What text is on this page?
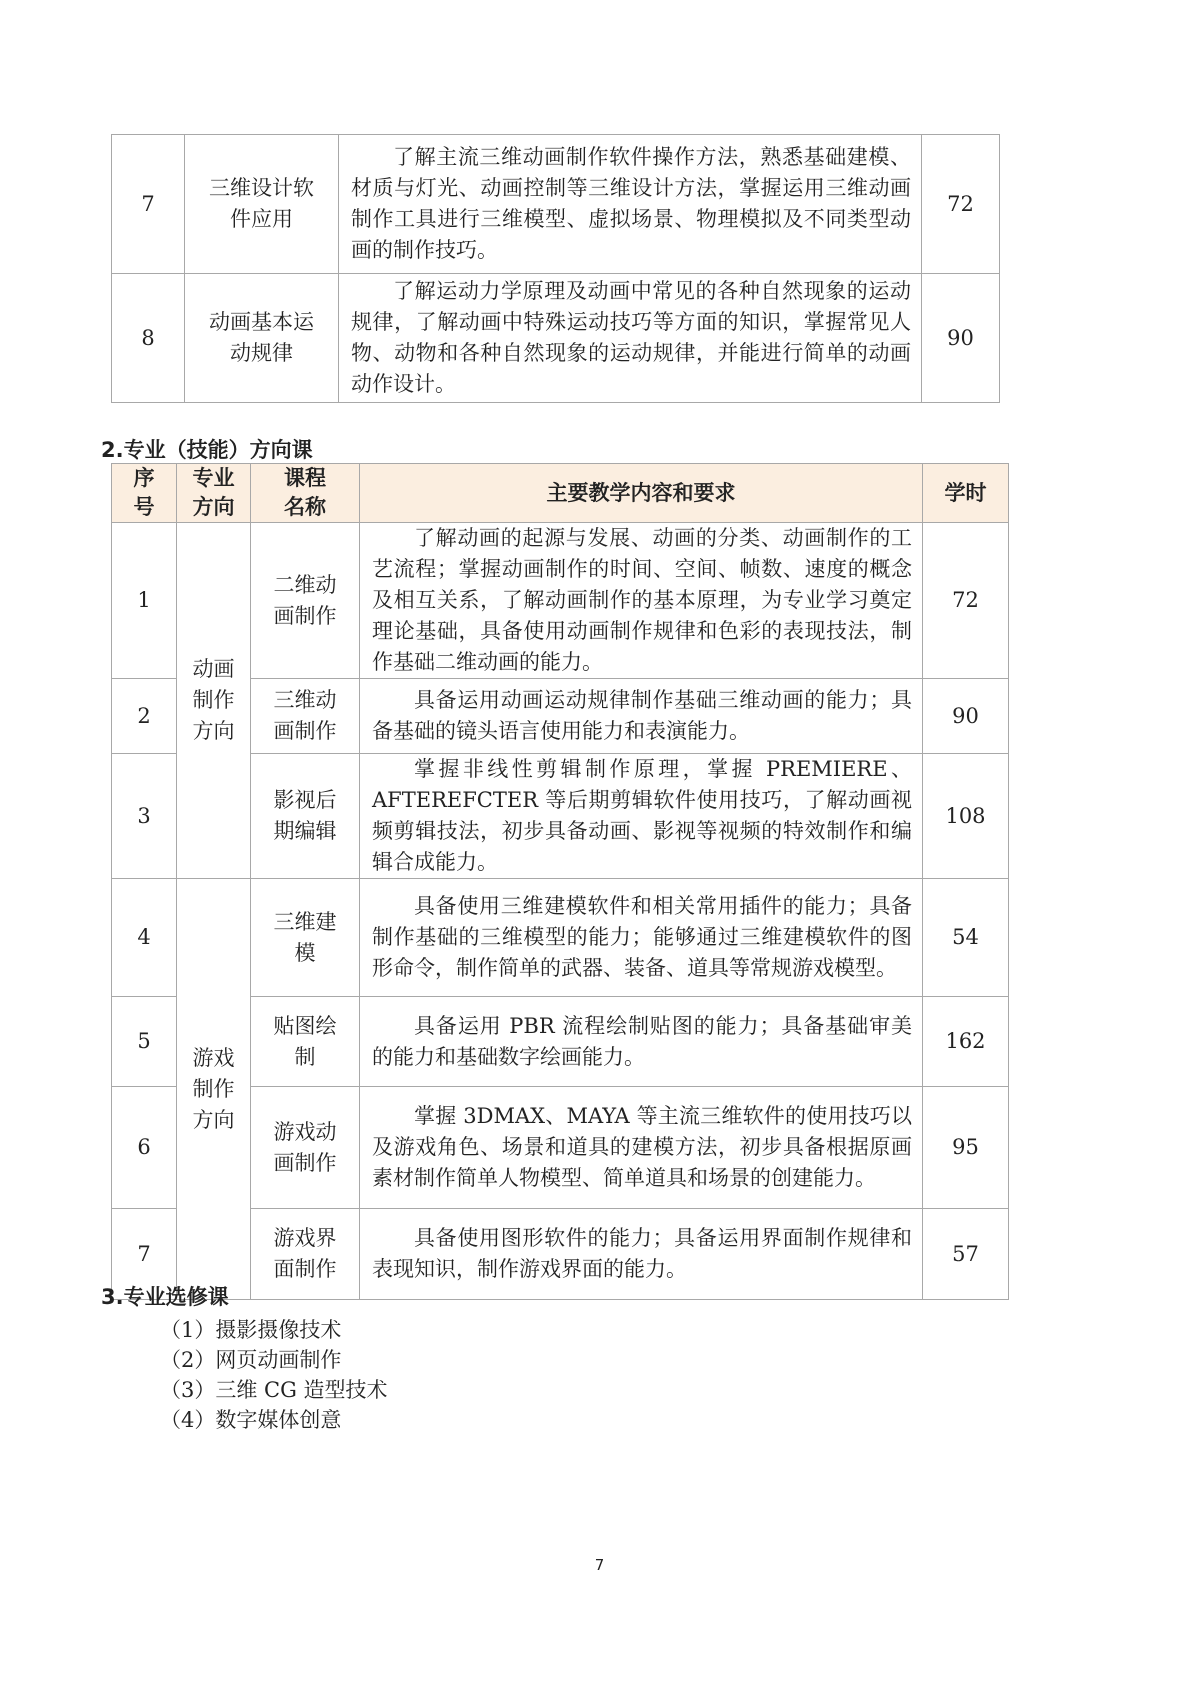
7	三维设计软件应用	了解主流三维动画制作软件操作方法，熟悉基础建模、材质与灯光、动画控制等三维设计方法，掌握运用三维动画制作工具进行三维模型、虚拟场景、物理模拟及不同类型动画的制作技巧。	72
8	动画基本运动规律	了解运动力学原理及动画中常见的各种自然现象的运动规律，了解动画中特殊运动技巧等方面的知识，掌握常见人物、动物和各种自然现象的运动规律，并能进行简单的动画动作设计。	90
2.专业（技能）方向课
序号	专业方向	课程名称	主要教学内容和要求	学时
1	动画制作方向	二维动画制作	了解动画的起源与发展、动画的分类、动画制作的工艺流程；掌握动画制作的时间、空间、帧数、速度的概念及相互关系，了解动画制作的基本原理，为专业学习奠定理论基础，具备使用动画制作规律和色彩的表现技法，制作基础二维动画的能力。	72
2		三维动画制作	具备运用动画运动规律制作基础三维动画的能力；具备基础的镜头语言使用能力和表演能力。	90
3		影视后期编辑	掌握非线性剪辑制作原理，掌握 PREMIERE、AFTEREFCTER 等后期剪辑软件使用技巧，了解动画视频剪辑技法，初步具备动画、影视等视频的特效制作和编辑合成能力。	108
4	游戏制作方向	三维建模	具备使用三维建模软件和相关常用插件的能力；具备制作基础的三维模型的能力；能够通过三维建模软件的图形命令，制作简单的武器、装备、道具等常规游戏模型。	54
5		贴图绘制	具备运用 PBR 流程绘制贴图的能力；具备基础审美的能力和基础数字绘画能力。	162
6		游戏动画制作	掌握 3DMAX、MAYA 等主流三维软件的使用技巧以及游戏角色、场景和道具的建模方法，初步具备根据原画素材制作简单人物模型、简单道具和场景的创建能力。	95
7		游戏界面制作	具备使用图形软件的能力；具备运用界面制作规律和表现知识，制作游戏界面的能力。	57
3.专业选修课
（1）摄影摄像技术
（2）网页动画制作
（3）三维 CG 造型技术
（4）数字媒体创意
7
